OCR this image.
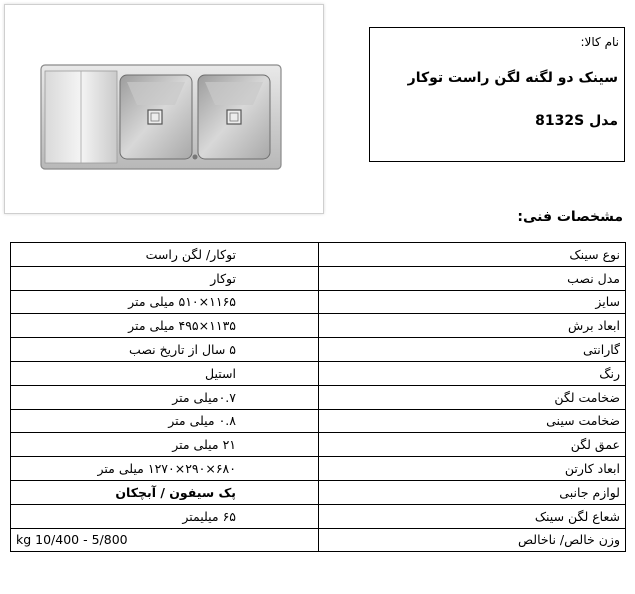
نام کالا:
سینک دو لگنه لگن راست توکار
مدل 8132S
مشخصات فنی:
نوع سینک	توکار/ لگن راست
مدل نصب	توکار
سایز	۱۱۶۵×۵۱۰ میلی متر
ابعاد برش	۱۱۳۵×۴۹۵ میلی متر
گارانتی	۵ سال از تاریخ نصب
رنگ	استیل
ضخامت لگن	۰.۷میلی متر
ضخامت سینی	۰.۸ میلی متر
عمق لگن	۲۱ میلی متر
ابعاد کارتن	۶۸۰×۲۹۰×۱۲۷۰ میلی متر
لوازم جانبی	پک سیفون / آبچکان
شعاع لگن سینک	۶۵ میلیمتر
وزن خالص/ ناخالص	kg 10/400 - 5/800
